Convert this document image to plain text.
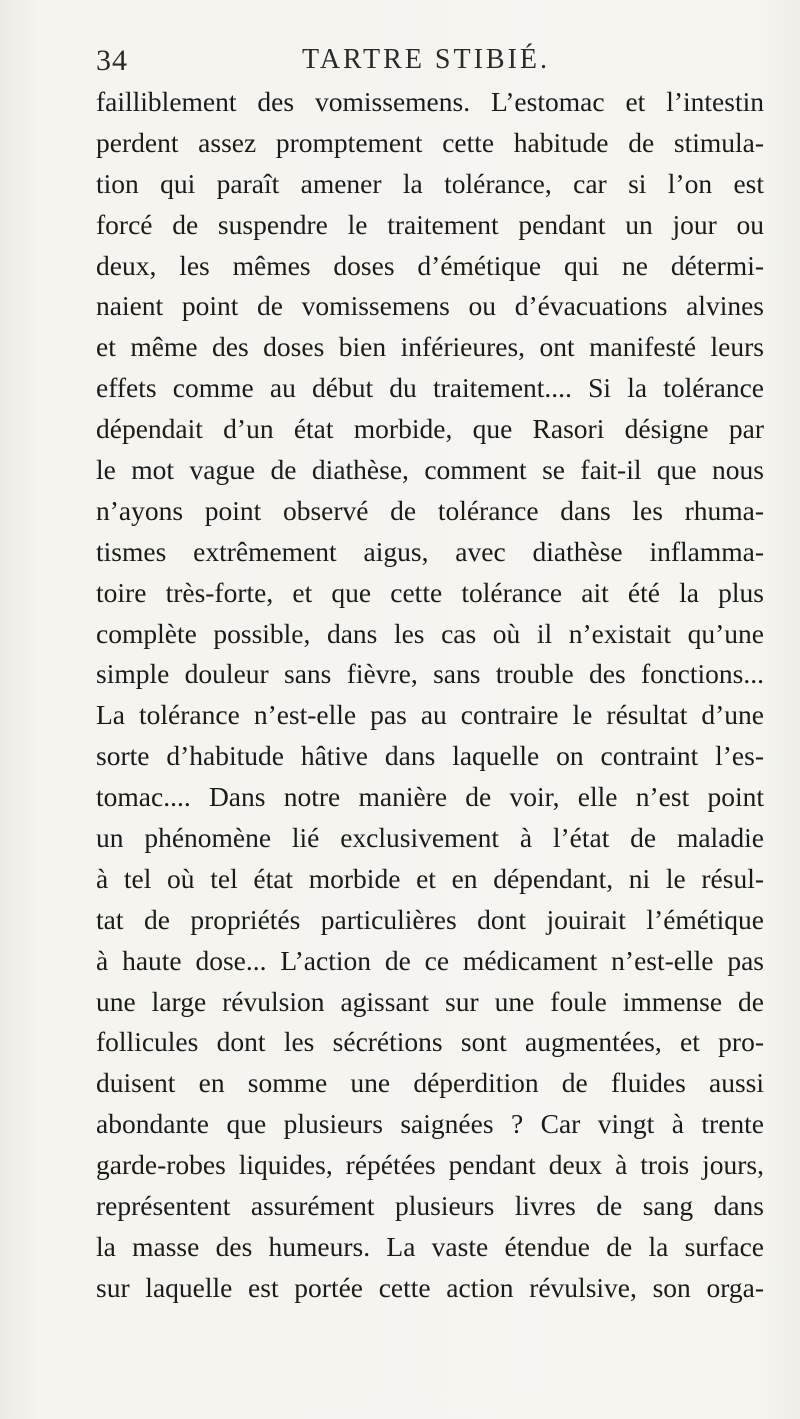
34	TARTRE STIBIÉ.
failliblement des vomissemens. L’estomac et l’intestin
perdent assez promptement cette habitude de stimula-
tion qui paraît amener la tolérance, car si l’on est
forcé de suspendre le traitement pendant un jour ou
deux, les mêmes doses d’émétique qui ne détermi-
naient point de vomissemens ou d’évacuations alvines
et même des doses bien inférieures, ont manifesté leurs
effets comme au début du traitement.... Si la tolérance
dépendait d’un état morbide, que Rasori désigne par
le mot vague de diathèse, comment se fait-il que nous
n’ayons point observé de tolérance dans les rhuma-
tismes extrêmement aigus, avec diathèse inflamma-
toire très-forte, et que cette tolérance ait été la plus
complète possible, dans les cas où il n’existait qu’une
simple douleur sans fièvre, sans trouble des fonctions...
La tolérance n’est-elle pas au contraire le résultat d’une
sorte d’habitude hâtive dans laquelle on contraint l’es-
tomac.... Dans notre manière de voir, elle n’est point
un phénomène lié exclusivement à l’état de maladie
à tel où tel état morbide et en dépendant, ni le résul-
tat de propriétés particulières dont jouirait l’émétique
à haute dose... L’action de ce médicament n’est-elle pas
une large révulsion agissant sur une foule immense de
follicules dont les sécrétions sont augmentées, et pro-
duisent en somme une déperdition de fluides aussi
abondante que plusieurs saignées ? Car vingt à trente
garde-robes liquides, répétées pendant deux à trois jours,
représentent assurément plusieurs livres de sang dans
la masse des humeurs. La vaste étendue de la surface
sur laquelle est portée cette action révulsive, son orga-
